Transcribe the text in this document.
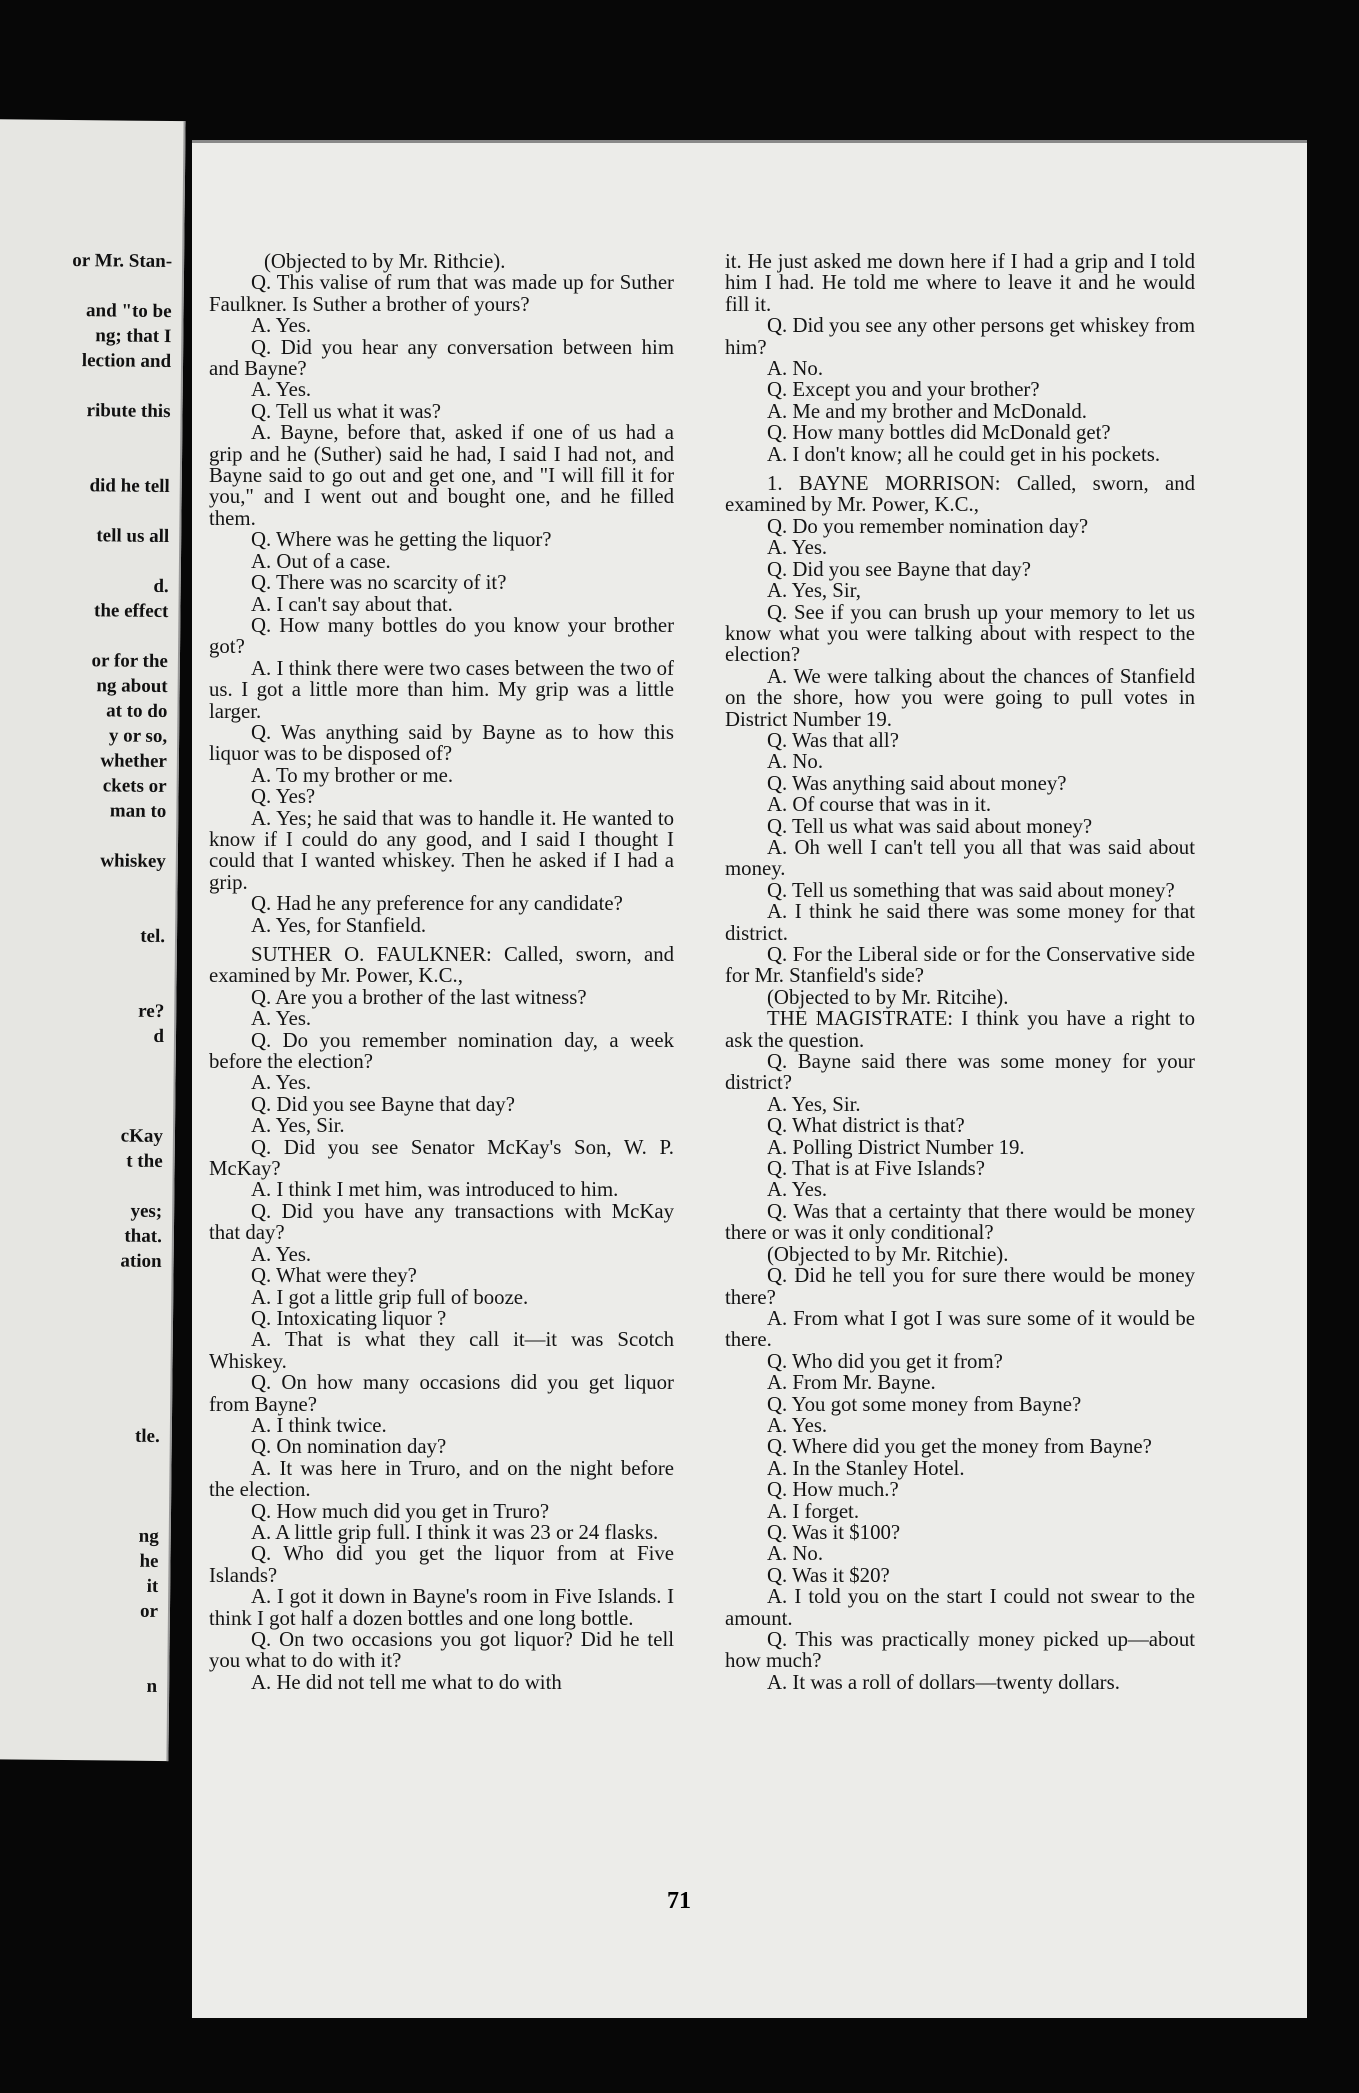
or Mr. Stan-

and "to be
ng; that I
lection and

ribute this

did he tell

tell us all

d.
the effect

or for the
ng about
at to do
y or so,
whether
ckets or
man to

whiskey

tel.

re?
d

cKay
t the

yes;
that.
ation

tle.

ng
he
it
or

n

(Objected to by Mr. Rithcie).

Q. This valise of rum that was made up for Suther Faulkner. Is Suther a brother of yours?

A. Yes.

Q. Did you hear any conversation between him and Bayne?

A. Yes.

Q. Tell us what it was?

A. Bayne, before that, asked if one of us had a grip and he (Suther) said he had, I said I had not, and Bayne said to go out and get one, and "I will fill it for you," and I went out and bought one, and he filled them.

Q. Where was he getting the liquor?

A. Out of a case.

Q. There was no scarcity of it?

A. I can't say about that.

Q. How many bottles do you know your brother got?

A. I think there were two cases between the two of us. I got a little more than him. My grip was a little larger.

Q. Was anything said by Bayne as to how this liquor was to be disposed of?

A. To my brother or me.

Q. Yes?

A. Yes; he said that was to handle it. He wanted to know if I could do any good, and I said I thought I could that I wanted whiskey. Then he asked if I had a grip.

Q. Had he any preference for any candidate?

A. Yes, for Stanfield.

SUTHER O. FAULKNER: Called, sworn, and examined by Mr. Power, K.C.,

Q. Are you a brother of the last witness?

A. Yes.

Q. Do you remember nomination day, a week before the election?

A. Yes.

Q. Did you see Bayne that day?

A. Yes, Sir.

Q. Did you see Senator McKay's Son, W. P. McKay?

A. I think I met him, was introduced to him.

Q. Did you have any transactions with McKay that day?

A. Yes.

Q. What were they?

A. I got a little grip full of booze.

Q. Intoxicating liquor ?

A. That is what they call it—it was Scotch Whiskey.

Q. On how many occasions did you get liquor from Bayne?

A. I think twice.

Q. On nomination day?

A. It was here in Truro, and on the night before the election.

Q. How much did you get in Truro?

A. A little grip full. I think it was 23 or 24 flasks.

Q. Who did you get the liquor from at Five Islands?

A. I got it down in Bayne's room in Five Islands. I think I got half a dozen bottles and one long bottle.

Q. On two occasions you got liquor? Did he tell you what to do with it?

A. He did not tell me what to do with

it. He just asked me down here if I had a grip and I told him I had. He told me where to leave it and he would fill it.

Q. Did you see any other persons get whiskey from him?

A. No.

Q. Except you and your brother?

A. Me and my brother and McDonald.

Q. How many bottles did McDonald get?

A. I don't know; all he could get in his pockets.

1. BAYNE MORRISON: Called, sworn, and examined by Mr. Power, K.C.,

Q. Do you remember nomination day?

A. Yes.

Q. Did you see Bayne that day?

A. Yes, Sir,

Q. See if you can brush up your memory to let us know what you were talking about with respect to the election?

A. We were talking about the chances of Stanfield on the shore, how you were going to pull votes in District Number 19.

Q. Was that all?

A. No.

Q. Was anything said about money?

A. Of course that was in it.

Q. Tell us what was said about money?

A. Oh well I can't tell you all that was said about money.

Q. Tell us something that was said about money?

A. I think he said there was some money for that district.

Q. For the Liberal side or for the Conservative side for Mr. Stanfield's side?

(Objected to by Mr. Ritcihe).

THE MAGISTRATE: I think you have a right to ask the question.

Q. Bayne said there was some money for your district?

A. Yes, Sir.

Q. What district is that?

A. Polling District Number 19.

Q. That is at Five Islands?

A. Yes.

Q. Was that a certainty that there would be money there or was it only conditional?

(Objected to by Mr. Ritchie).

Q. Did he tell you for sure there would be money there?

A. From what I got I was sure some of it would be there.

Q. Who did you get it from?

A. From Mr. Bayne.

Q. You got some money from Bayne?

A. Yes.

Q. Where did you get the money from Bayne?

A. In the Stanley Hotel.

Q. How much.?

A. I forget.

Q. Was it $100?

A. No.

Q. Was it $20?

A. I told you on the start I could not swear to the amount.

Q. This was practically money picked up—about how much?

A. It was a roll of dollars—twenty dollars.

71
